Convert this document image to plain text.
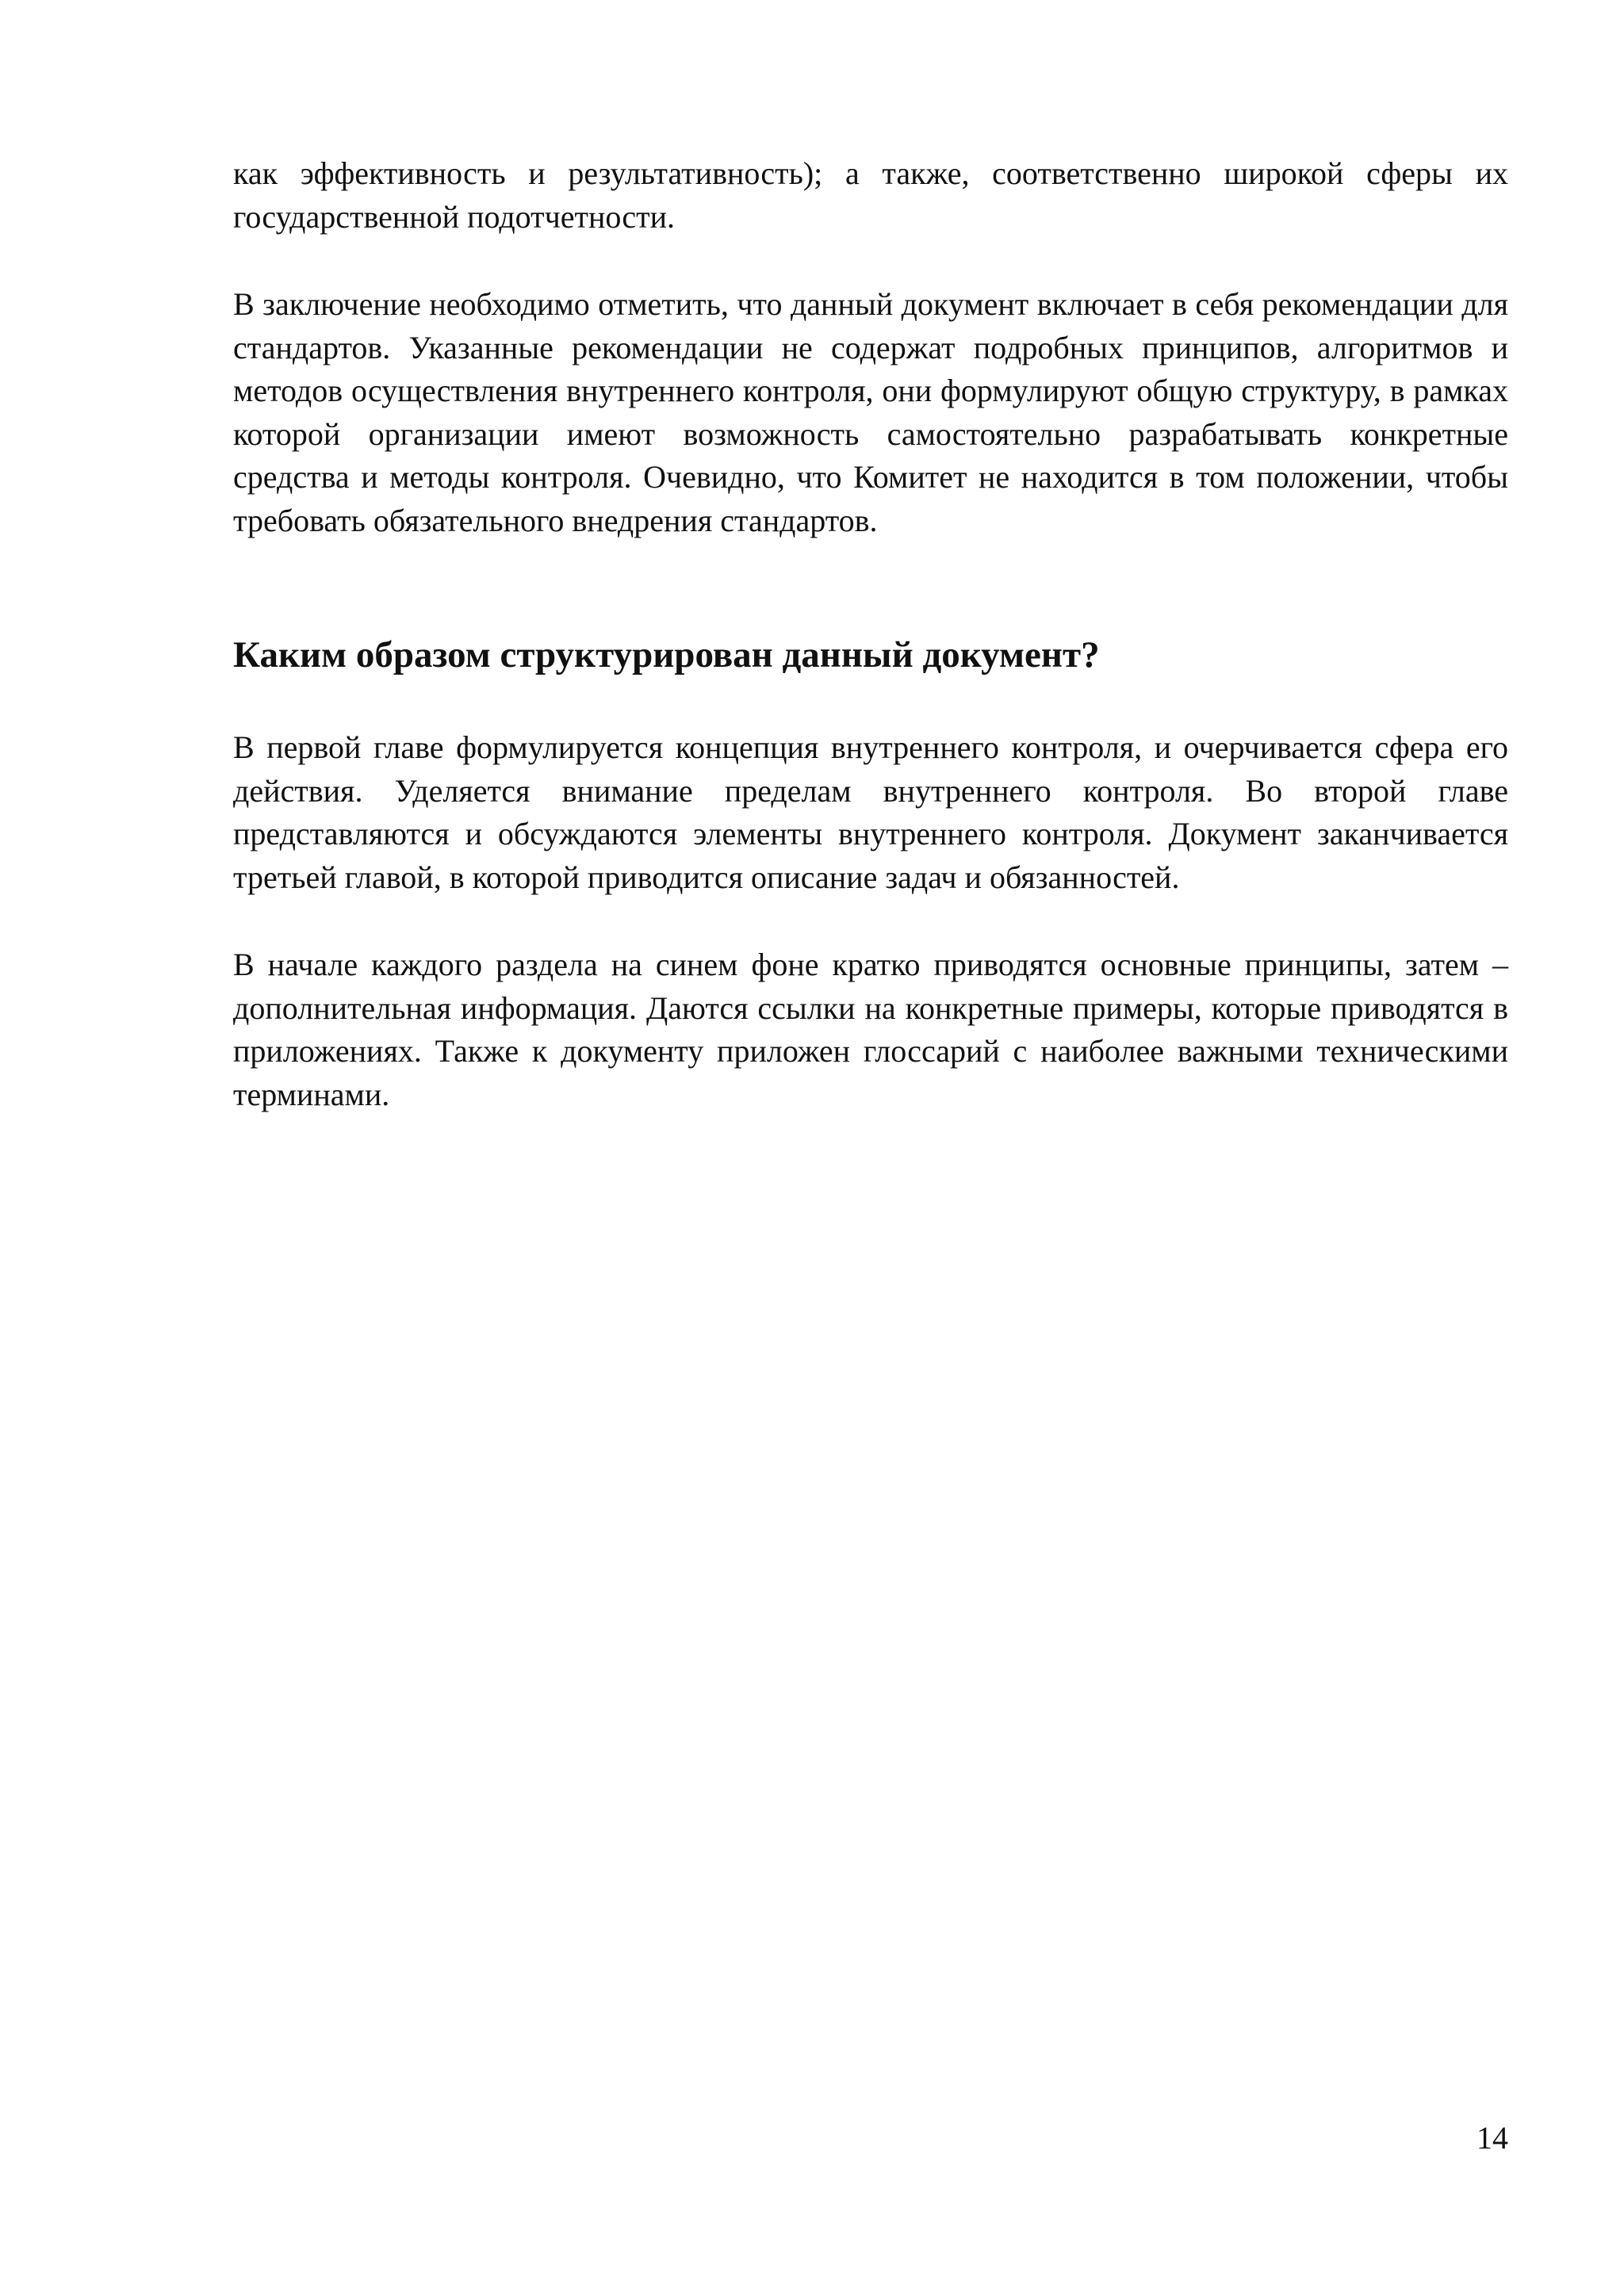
как эффективность и результативность); а также, соответственно широкой сферы их государственной подотчетности.

В заключение необходимо отметить, что данный документ включает в себя рекомендации для стандартов. Указанные рекомендации не содержат подробных принципов, алгоритмов и методов осуществления внутреннего контроля, они формулируют общую структуру, в рамках которой организации имеют возможность самостоятельно разрабатывать конкретные средства и методы контроля. Очевидно, что Комитет не находится в том положении, чтобы требовать обязательного внедрения стандартов.

Каким образом структурирован данный документ?

В первой главе формулируется концепция внутреннего контроля, и очерчивается сфера его действия. Уделяется внимание пределам внутреннего контроля. Во второй главе представляются и обсуждаются элементы внутреннего контроля. Документ заканчивается третьей главой, в которой приводится описание задач и обязанностей.

В начале каждого раздела на синем фоне кратко приводятся основные принципы, затем – дополнительная информация. Даются ссылки на конкретные примеры, которые приводятся в приложениях. Также к документу приложен глоссарий с наиболее важными техническими терминами.

14
